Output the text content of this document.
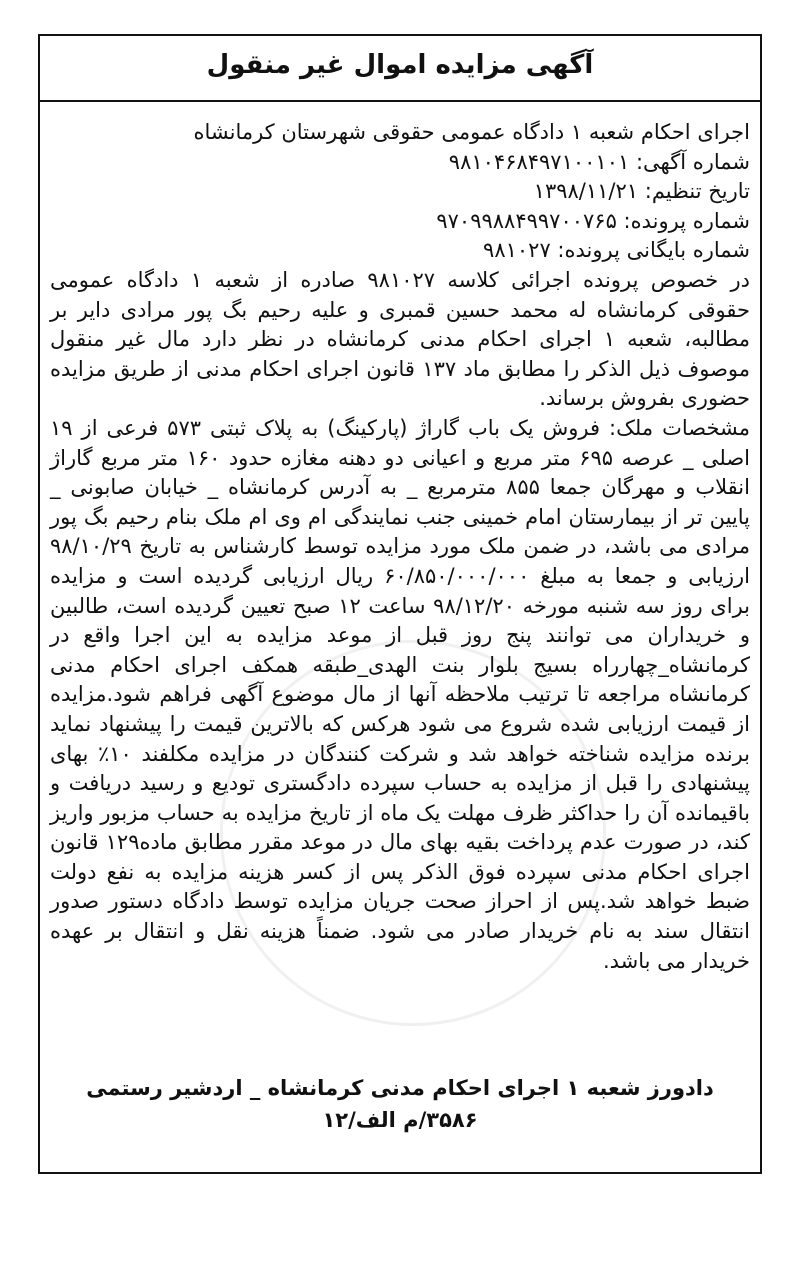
آگهی مزایده اموال غیر منقول
اجرای احکام شعبه ۱ دادگاه عمومی حقوقی شهرستان کرمانشاه
شماره آگهی: ۹۸۱۰۴۶۸۴۹۷۱۰۰۱۰۱
تاریخ تنظیم: ۱۳۹۸/۱۱/۲۱
شماره پرونده: ۹۷۰۹۹۸۸۴۹۹۷۰۰۷۶۵
شماره بایگانی پرونده: ۹۸۱۰۲۷

در خصوص پرونده اجرائی کلاسه ۹۸۱۰۲۷ صادره از شعبه ۱ دادگاه عمومی حقوقی کرمانشاه له محمد حسین قمبری و علیه رحیم بگ پور مرادی دایر بر مطالبه، شعبه ۱ اجرای احکام مدنی کرمانشاه در نظر دارد مال غیر منقول موصوف ذیل الذکر را مطابق ماد ۱۳۷ قانون اجرای احکام مدنی از طریق مزایده حضوری بفروش برساند.

مشخصات ملک: فروش یک باب گاراژ (پارکینگ) به پلاک ثبتی ۵۷۳ فرعی از ۱۹ اصلی _ عرصه ۶۹۵ متر مربع و اعیانی دو دهنه مغازه حدود ۱۶۰ متر مربع گاراژ انقلاب و مهرگان جمعا ۸۵۵ مترمربع _ به آدرس کرمانشاه _ خیابان صابونی _ پایین تر از بیمارستان امام خمینی جنب نمایندگی ام وی ام ملک بنام رحیم بگ پور مرادی می باشد، در ضمن ملک مورد مزایده توسط کارشناس به تاریخ ۹۸/۱۰/۲۹ ارزیابی و جمعا به مبلغ ۶۰/۸۵۰/۰۰۰/۰۰۰ ریال ارزیابی گردیده است و مزایده برای روز سه شنبه مورخه ۹۸/۱۲/۲۰ ساعت ۱۲ صبح تعیین گردیده است، طالبین و خریداران می توانند پنج روز قبل از موعد مزایده به این اجرا واقع در کرمانشاه_چهارراه بسیج بلوار بنت الهدی_طبقه همکف اجرای احکام مدنی کرمانشاه مراجعه تا ترتیب ملاحظه آنها از مال موضوع آگهی فراهم شود.مزایده از قیمت ارزیابی شده شروع می شود هرکس که بالاترین قیمت را پیشنهاد نماید برنده مزایده شناخته خواهد شد و شرکت کنندگان در مزایده مکلفند ۱۰٪ بهای پیشنهادی را قبل از مزایده به حساب سپرده دادگستری تودیع و رسید دریافت و باقیمانده آن را حداکثر ظرف مهلت یک ماه از تاریخ مزایده به حساب مزبور واریز کند، در صورت عدم پرداخت بقیه بهای مال در موعد مقرر مطابق ماده۱۲۹ قانون اجرای احکام مدنی سپرده فوق الذکر پس از کسر هزینه مزایده به نفع دولت ضبط خواهد شد.پس از احراز صحت جریان مزایده توسط دادگاه دستور صدور انتقال سند به نام خریدار صادر می شود. ضمناً هزینه نقل و انتقال بر عهده خریدار می باشد.

دادورز شعبه ۱ اجرای احکام مدنی کرمانشاه _ اردشیر رستمی
۳۵۸۶/م الف/۱۲
